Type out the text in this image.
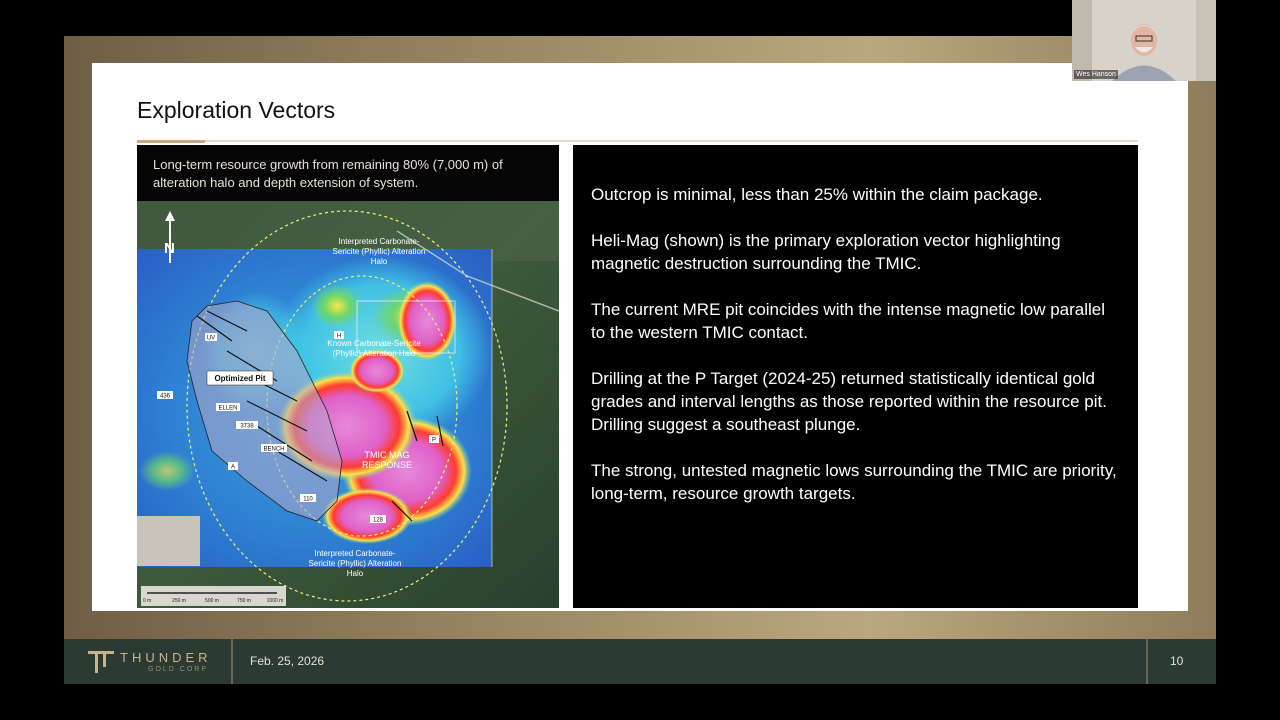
Exploration Vectors
Long-term resource growth from remaining 80% (7,000 m) of alteration halo and depth extension of system.
N	Interpreted Carbonate-
Sericite (Phyllic) Alteration
Halo
Known Carbonate-Sericite
(Phyllic) Alteration Halo
Interpreted Carbonate-
Sericite (Phyllic) Alteration
Halo
TMIC MAG
RESPONSE
Optimized Pit
UV	H
436
ELLEN
3738
BENCH
A
110
128
P
0 m	250 m	500 m	750 m	1000 m

Outcrop is minimal, less than 25% within the claim package.

Heli-Mag (shown) is the primary exploration vector highlighting magnetic destruction surrounding the TMIC.

The current MRE pit coincides with the intense magnetic low parallel to the western TMIC contact.

Drilling at the P Target (2024-25) returned statistically identical gold grades and interval lengths as those reported within the resource pit. Drilling suggest a southeast plunge.

The strong, untested magnetic lows surrounding the TMIC are priority, long-term, resource growth targets.

THUNDER
GOLD CORP
Feb. 25, 2026	10
Wes Hanson
